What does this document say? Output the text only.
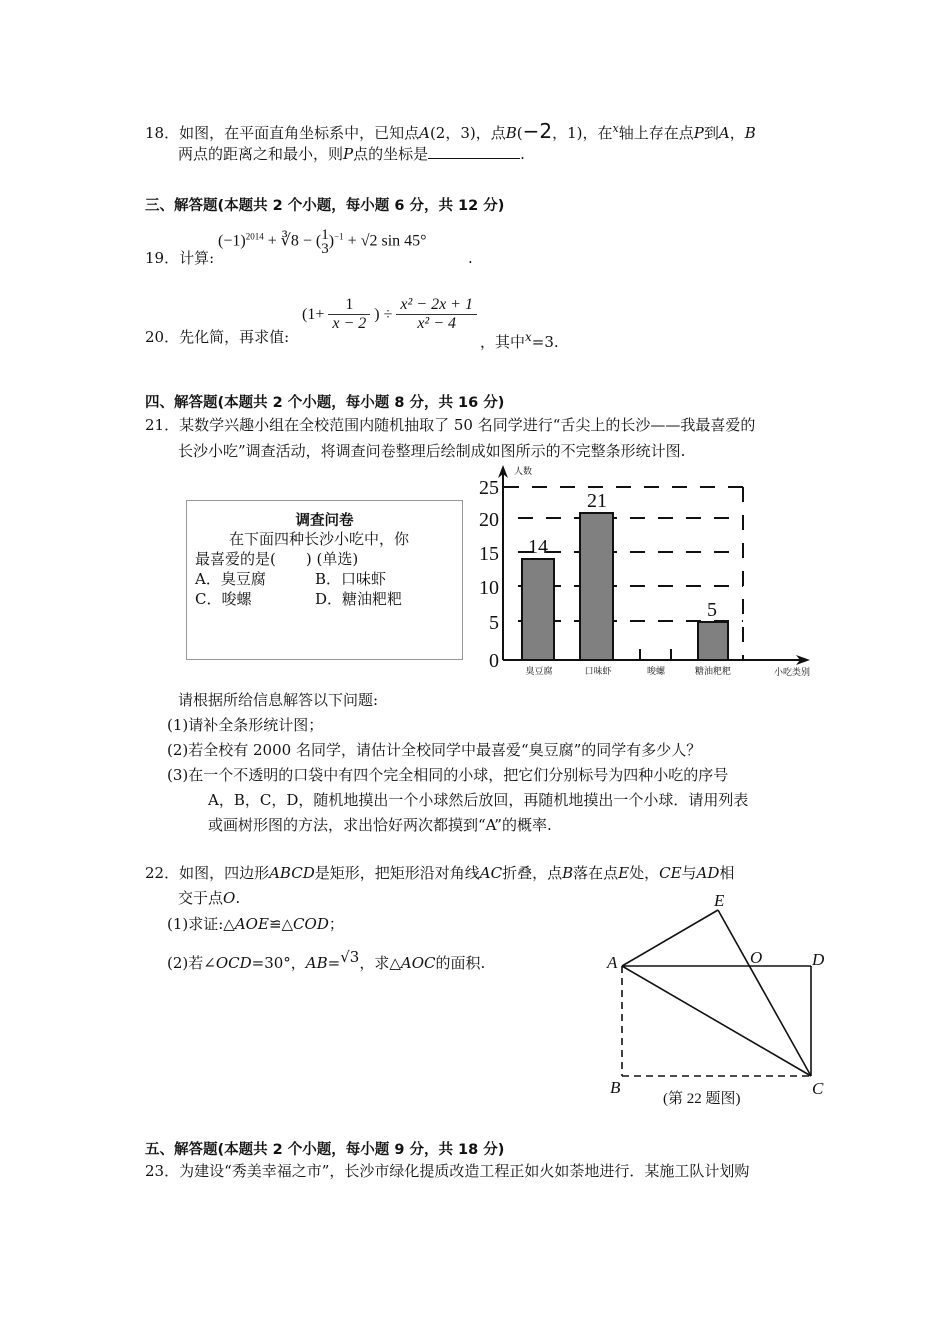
18．如图，在平面直角坐标系中，已知点A(2，3)，点B(−2，1)，在$^x$轴上存在点P到A，B
两点的距离之和最小，则P点的坐标是	.
三、解答题(本题共 2 个小题，每小题 6 分，共 12 分)
$(-1)^{2014}$ + ∛8 − ( 1
3 )$^{-1}$ + √2 sin 45°
19．计算:	.
20．先化简，再求值:
($1+ \frac{1}{x - 2}$ ) ÷ $\frac{\text{x² − 2x + 1}}{\text{x² − 4}}$
，其中$^x$=3.
四、解答题(本题共 2 个小题，每小题 8 分，共 16 分)
21．某数学兴趣小组在全校范围内随机抽取了 50 名同学进行“舌尖上的长沙——我最喜爱的
长沙小吃”调查活动，将调查问卷整理后绘制成如图所示的不完整条形统计图.
调查问卷
在下面四种长沙小吃中，你
最喜爱的是(　　) (单选)
A．臭豆腐	B．口味虾
C．唆螺	D．糖油粑粑
25
20
15
10
5
0
14
21
5
臭豆腐	口味虾	唆螺	糖油粑粑	小吃类别
人数
请根据所给信息解答以下问题:
(1)请补全条形统计图；
(2)若全校有 2000 名同学，请估计全校同学中最喜爱“臭豆腐”的同学有多少人？
(3)在一个不透明的口袋中有四个完全相同的小球，把它们分别标号为四种小吃的序号
A，B，C，D，随机地摸出一个小球然后放回，再随机地摸出一个小球．请用列表
或画树形图的方法，求出恰好两次都摸到“A”的概率.
22．如图，四边形ABCD是矩形，把矩形沿对角线AC折叠，点B落在点E处，CE与AD相
交于点O.
(1)求证:△AOE≌△COD；
(2)若∠OCD=30°，AB=$^{√3}$，求△AOC的面积.
E
A	O	D
B	C
(第 22 题图)
五、解答题(本题共 2 个小题，每小题 9 分，共 18 分)
23．为建设“秀美幸福之市”，长沙市绿化提质改造工程正如火如荼地进行．某施工队计划购
